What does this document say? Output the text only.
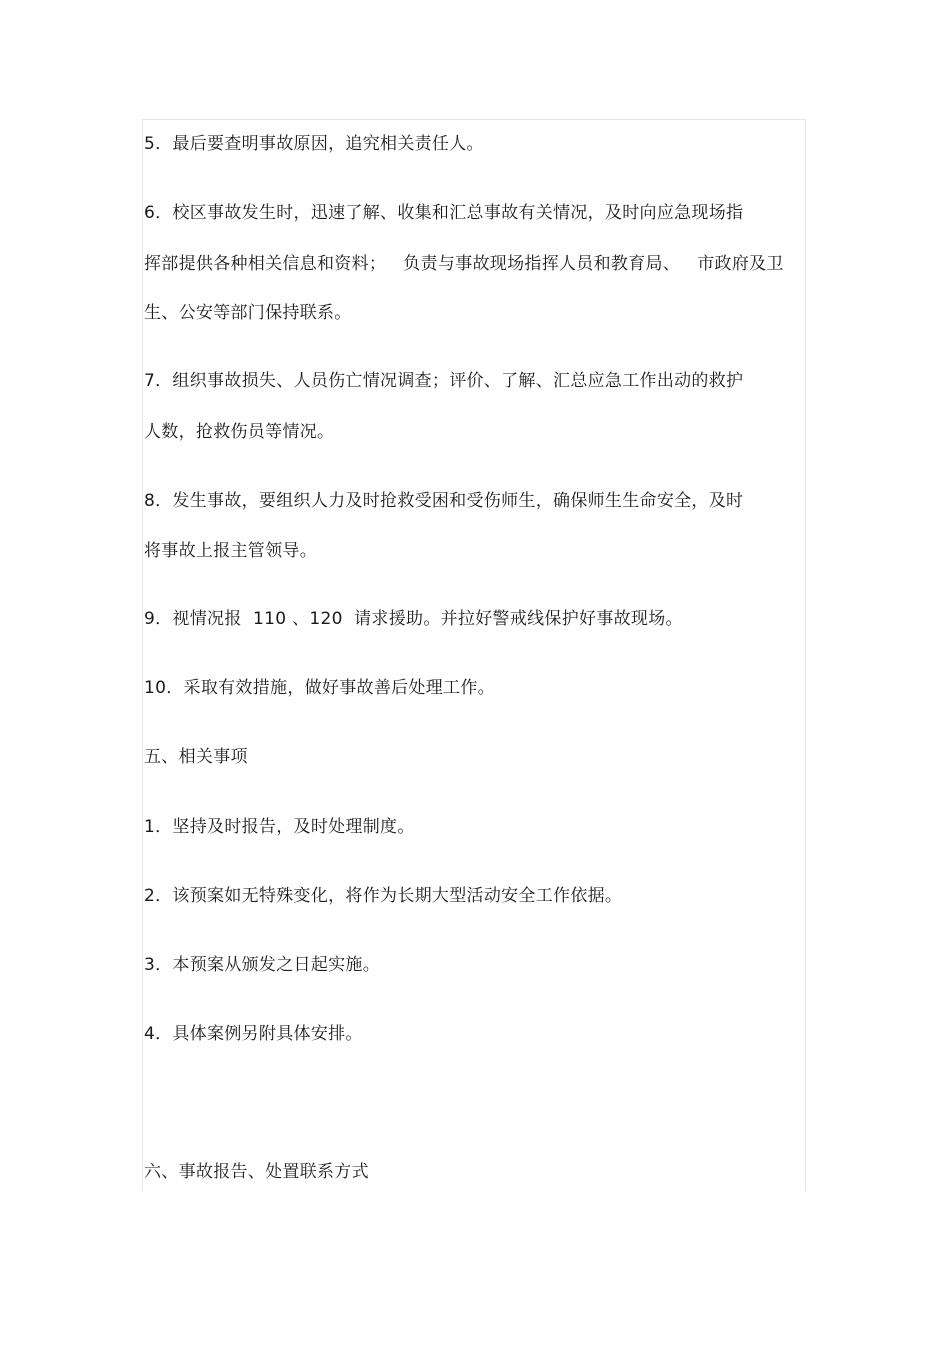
5．最后要查明事故原因，追究相关责任人。
6．校区事故发生时，迅速了解、收集和汇总事故有关情况，及时向应急现场指
挥部提供各种相关信息和资料；   负责与事故现场指挥人员和教育局、   市政府及卫
生、公安等部门保持联系。
7．组织事故损失、人员伤亡情况调查；评价、了解、汇总应急工作出动的救护
人数，抢救伤员等情况。
8．发生事故，要组织人力及时抢救受困和受伤师生，确保师生生命安全，及时
将事故上报主管领导。
9．视情况报  110 、120  请求援助。并拉好警戒线保护好事故现场。
10．采取有效措施，做好事故善后处理工作。
五、相关事项
1．坚持及时报告，及时处理制度。
2．该预案如无特殊变化，将作为长期大型活动安全工作依据。
3．本预案从颁发之日起实施。
4．具体案例另附具体安排。
六、事故报告、处置联系方式
